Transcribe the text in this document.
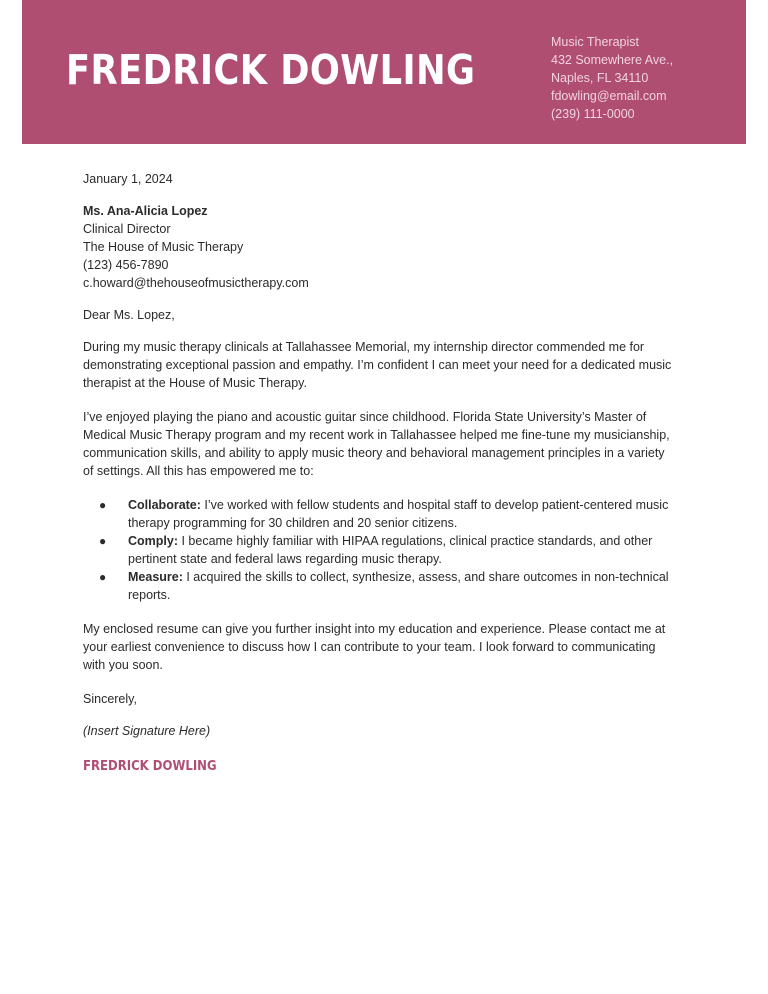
FREDRICK DOWLING
Music Therapist
432 Somewhere Ave.,
Naples, FL 34110
fdowling@email.com
(239) 111-0000

January 1, 2024

Ms. Ana-Alicia Lopez
Clinical Director
The House of Music Therapy
(123) 456-7890
c.howard@thehouseofmusictherapy.com

Dear Ms. Lopez,

During my music therapy clinicals at Tallahassee Memorial, my internship director commended me for demonstrating exceptional passion and empathy. I’m confident I can meet your need for a dedicated music therapist at the House of Music Therapy.

I’ve enjoyed playing the piano and acoustic guitar since childhood. Florida State University’s Master of Medical Music Therapy program and my recent work in Tallahassee helped me fine-tune my musicianship, communication skills, and ability to apply music theory and behavioral management principles in a variety of settings. All this has empowered me to:

● Collaborate: I’ve worked with fellow students and hospital staff to develop patient-centered music therapy programming for 30 children and 20 senior citizens.
● Comply: I became highly familiar with HIPAA regulations, clinical practice standards, and other pertinent state and federal laws regarding music therapy.
● Measure: I acquired the skills to collect, synthesize, assess, and share outcomes in non-technical reports.

My enclosed resume can give you further insight into my education and experience. Please contact me at your earliest convenience to discuss how I can contribute to your team. I look forward to communicating with you soon.

Sincerely,

(Insert Signature Here)

FREDRICK DOWLING
